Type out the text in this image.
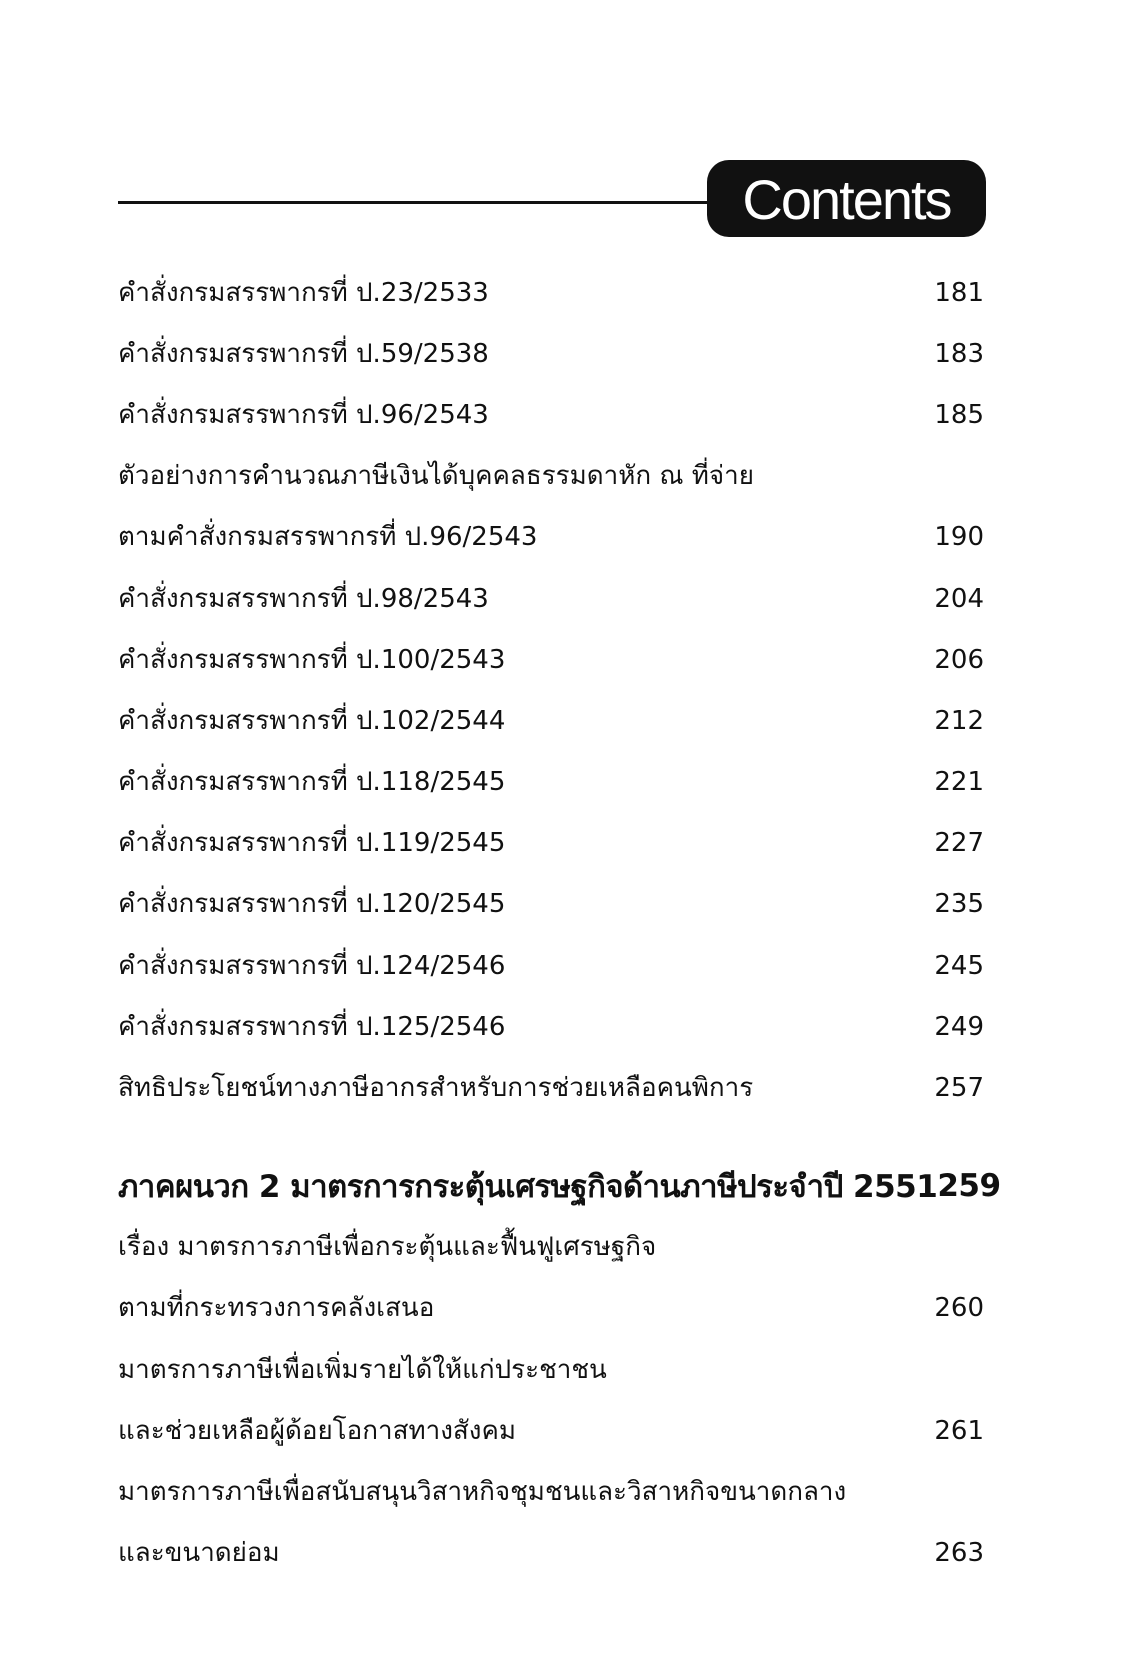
Contents
คำสั่งกรมสรรพากรที่ ป.23/2533	181
คำสั่งกรมสรรพากรที่ ป.59/2538	183
คำสั่งกรมสรรพากรที่ ป.96/2543	185
ตัวอย่างการคำนวณภาษีเงินได้บุคคลธรรมดาหัก ณ ที่จ่าย
ตามคำสั่งกรมสรรพากรที่ ป.96/2543	190
คำสั่งกรมสรรพากรที่ ป.98/2543	204
คำสั่งกรมสรรพากรที่ ป.100/2543	206
คำสั่งกรมสรรพากรที่ ป.102/2544	212
คำสั่งกรมสรรพากรที่ ป.118/2545	221
คำสั่งกรมสรรพากรที่ ป.119/2545	227
คำสั่งกรมสรรพากรที่ ป.120/2545	235
คำสั่งกรมสรรพากรที่ ป.124/2546	245
คำสั่งกรมสรรพากรที่ ป.125/2546	249
สิทธิประโยชน์ทางภาษีอากรสำหรับการช่วยเหลือคนพิการ	257
ภาคผนวก 2 มาตรการกระตุ้นเศรษฐกิจด้านภาษีประจำปี 2551 259
เรื่อง มาตรการภาษีเพื่อกระตุ้นและฟื้นฟูเศรษฐกิจ
ตามที่กระทรวงการคลังเสนอ	260
มาตรการภาษีเพื่อเพิ่มรายได้ให้แก่ประชาชน
และช่วยเหลือผู้ด้อยโอกาสทางสังคม	261
มาตรการภาษีเพื่อสนับสนุนวิสาหกิจชุมชนและวิสาหกิจขนาดกลาง
และขนาดย่อม	263
